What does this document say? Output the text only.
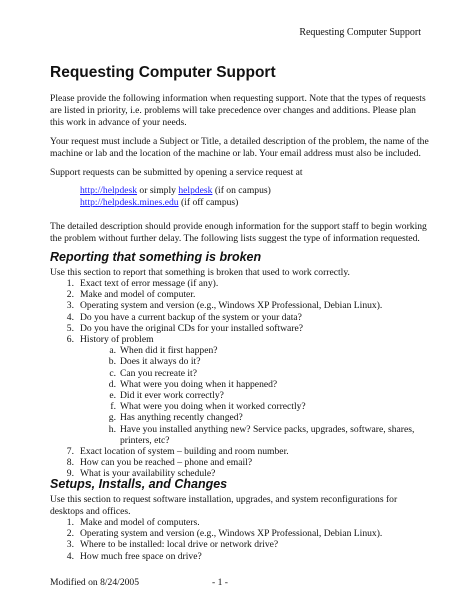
Requesting Computer Support
Requesting Computer Support

Please provide the following information when requesting support. Note that the types of requests are listed in priority, i.e. problems will take precedence over changes and additions. Please plan this work in advance of your needs.

Your request must include a Subject or Title, a detailed description of the problem, the name of the machine or lab and the location of the machine or lab. Your email address must also be included.

Support requests can be submitted by opening a service request at

http://helpdesk or simply helpdesk (if on campus)
http://helpdesk.mines.edu (if off campus)

The detailed description should provide enough information for the support staff to begin working the problem without further delay. The following lists suggest the type of information requested.

Reporting that something is broken

Use this section to report that something is broken that used to work correctly.

1. Exact text of error message (if any).
2. Make and model of computer.
3. Operating system and version (e.g., Windows XP Professional, Debian Linux).
4. Do you have a current backup of the system or your data?
5. Do you have the original CDs for your installed software?
6. History of problem
a. When did it first happen?
b. Does it always do it?
c. Can you recreate it?
d. What were you doing when it happened?
e. Did it ever work correctly?
f. What were you doing when it worked correctly?
g. Has anything recently changed?
h. Have you installed anything new? Service packs, upgrades, software, shares, printers, etc?
7. Exact location of system – building and room number.
8. How can you be reached – phone and email?
9. What is your availability schedule?
Setups, Installs, and Changes

Use this section to request software installation, upgrades, and system reconfigurations for desktops and offices.

1. Make and model of computers.
2. Operating system and version (e.g., Windows XP Professional, Debian Linux).
3. Where to be installed: local drive or network drive?
4. How much free space on drive?
Modified on 8/24/2005	- 1 -
